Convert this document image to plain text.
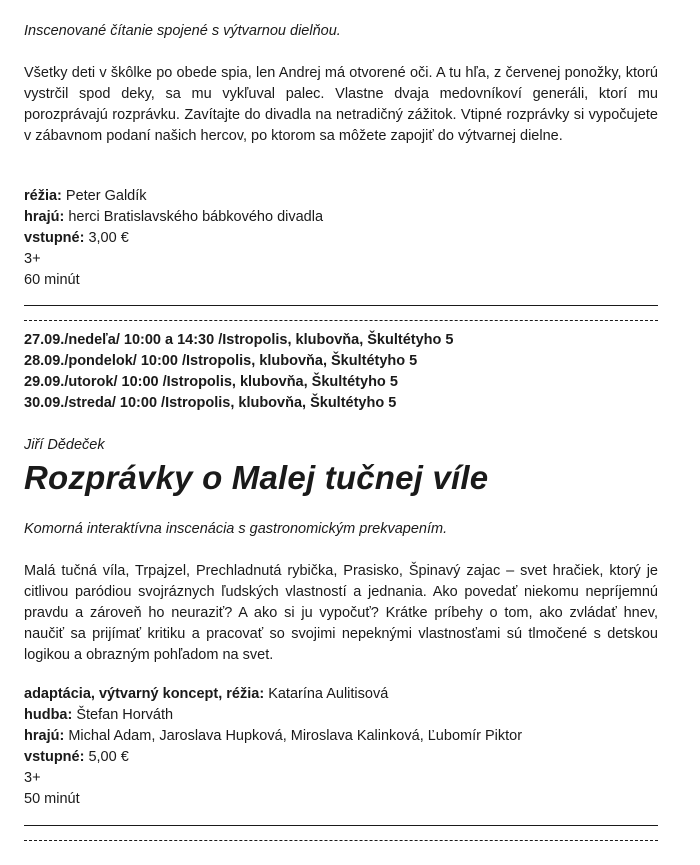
Inscenované čítanie spojené s výtvarnou dielňou.

Všetky deti v škôlke po obede spia, len Andrej má otvorené oči. A tu hľa, z červenej ponožky, ktorú vystrčil spod deky, sa mu vykľuval palec. Vlastne dvaja medovníkoví generáli, ktorí mu porozprávajú rozprávku. Zavítajte do divadla na netradičný zážitok. Vtipné rozprávky si vypočujete v zábavnom podaní našich hercov, po ktorom sa môžete zapojiť do výtvarnej dielne.

réžia: Peter Galdík

hrajú: herci Bratislavského bábkového divadla

vstupné: 3,00 €

3+

60 minút

27.09./nedeľa/ 10:00 a 14:30 /Istropolis, klubovňa, Škultétyho 5

28.09./pondelok/ 10:00 /Istropolis, klubovňa, Škultétyho 5

29.09./utorok/ 10:00 /Istropolis, klubovňa, Škultétyho 5

30.09./streda/ 10:00 /Istropolis, klubovňa, Škultétyho 5

Jiří Dědeček

Rozprávky o Malej tučnej víle

Komorná interaktívna inscenácia s gastronomickým prekvapením.

Malá tučná víla, Trpajzel, Prechladnutá rybička, Prasisko, Špinavý zajac – svet hračiek, ktorý je citlivou paródiou svojráznych ľudských vlastností a jednania. Ako povedať niekomu nepríjemnú pravdu a zároveň ho neuraziť? A ako si ju vypočuť? Krátke príbehy o tom, ako zvládať hnev, naučiť sa prijímať kritiku a pracovať so svojimi nepeknými vlastnosťami sú tlmočené s detskou logikou a obrazným pohľadom na svet.

adaptácia, výtvarný koncept, réžia: Katarína Aulitisová

hudba: Štefan Horváth

hrajú: Michal Adam, Jaroslava Hupková, Miroslava Kalinková, Ľubomír Piktor

vstupné: 5,00 €

3+

50 minút
